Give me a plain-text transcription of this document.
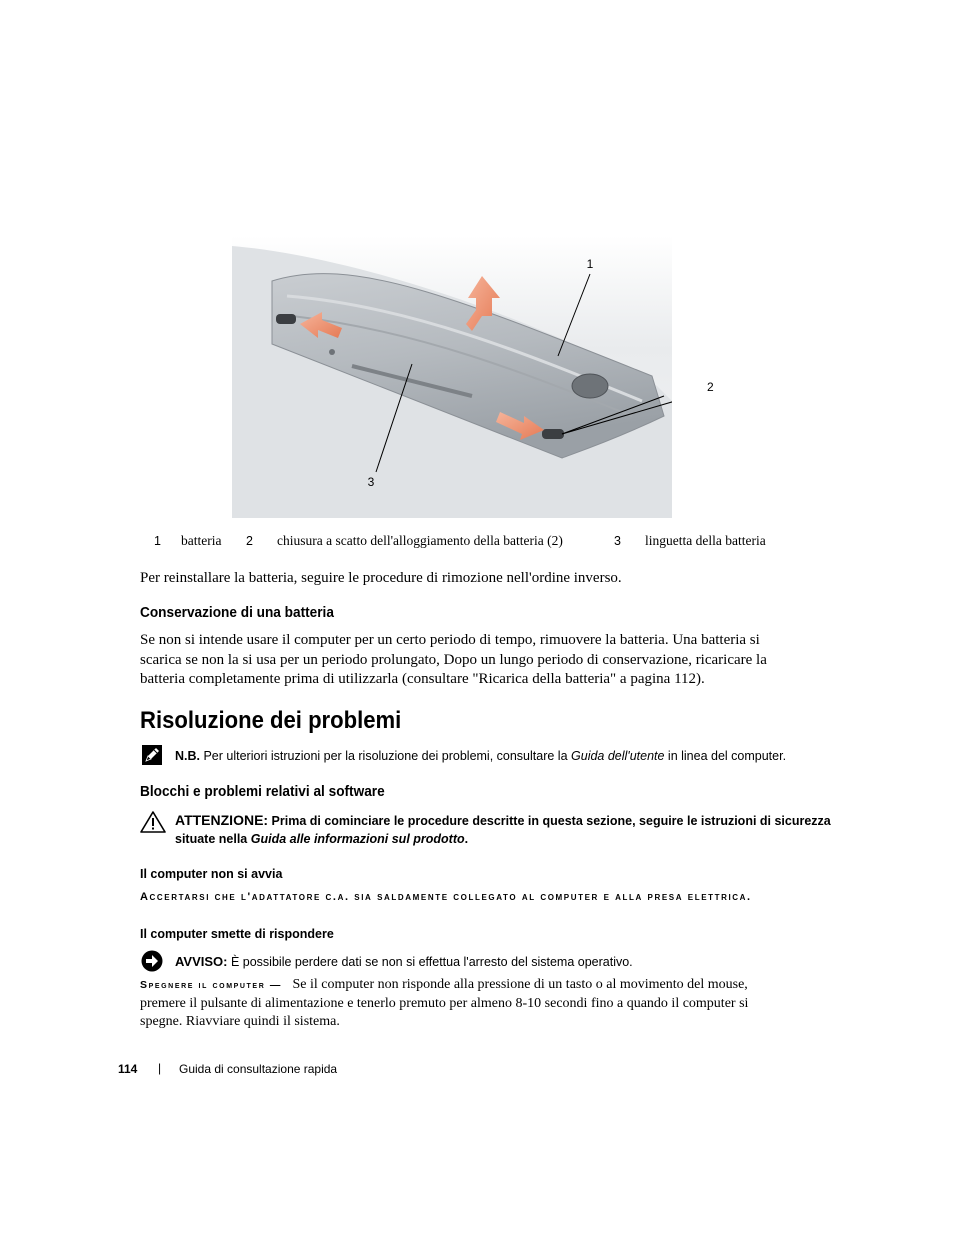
1
3
2
1 batteria 2 chiusura a scatto dell'alloggiamento della batteria (2)	3 linguetta della batteria
Per reinstallare la batteria, seguire le procedure di rimozione nell'ordine inverso.
Conservazione di una batteria
Se non si intende usare il computer per un certo periodo di tempo, rimuovere la batteria. Una batteria si
scarica se non la si usa per un periodo prolungato, Dopo un lungo periodo di conservazione, ricaricare la
batteria completamente prima di utilizzarla (consultare "Ricarica della batteria" a pagina 112).
Risoluzione dei problemi
N.B. Per ulteriori istruzioni per la risoluzione dei problemi, consultare la Guida dell'utente in linea del computer.
Blocchi e problemi relativi al software
ATTENZIONE: Prima di cominciare le procedure descritte in questa sezione, seguire le istruzioni di sicurezza
situate nella Guida alle informazioni sul prodotto.
Il computer non si avvia
Accertarsi che l'adattatore c.a. sia saldamente collegato al computer e alla presa elettrica.
Il computer smette di rispondere
AVVISO: È possibile perdere dati se non si effettua l'arresto del sistema operativo.
Spegnere il computer — Se il computer non risponde alla pressione di un tasto o al movimento del mouse,
premere il pulsante di alimentazione e tenerlo premuto per almeno 8-10 secondi fino a quando il computer si
spegne. Riavviare quindi il sistema.
114 | Guida di consultazione rapida
